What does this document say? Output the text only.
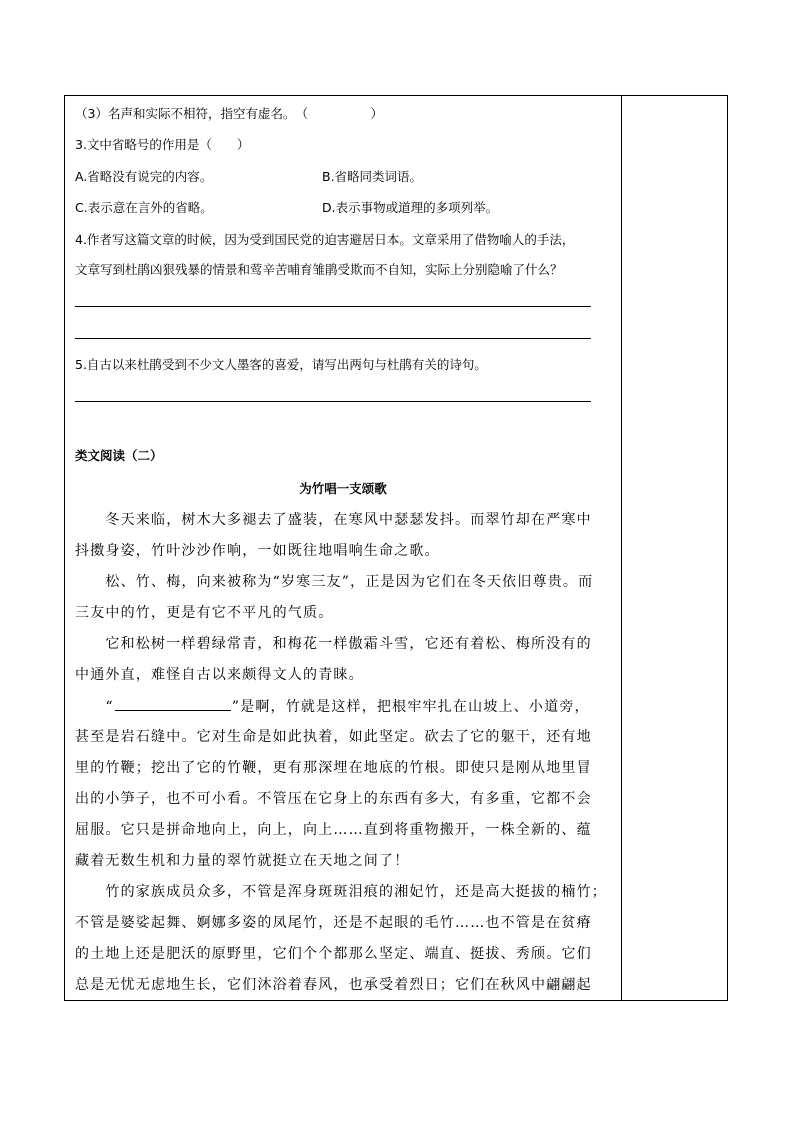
（3）名声和实际不相符，指空有虚名。　（　　　　　）
3.文中省略号的作用是（　　）
A.省略没有说完的内容。	B.省略同类词语。
C.表示意在言外的省略。	D.表示事物或道理的多项列举。
4.作者写这篇文章的时候，因为受到国民党的迫害避居日本。文章采用了借物喻人的手法，
文章写到杜鹃凶狠残暴的情景和莺辛苦哺育雏鹃受欺而不自知，实际上分别隐喻了什么？
5.自古以来杜鹃受到不少文人墨客的喜爱，请写出两句与杜鹃有关的诗句。
类文阅读（二）
为竹唱一支颂歌
　　冬天来临，树木大多褪去了盛装，在寒风中瑟瑟发抖。而翠竹却在严寒中
抖擞身姿，竹叶沙沙作响，一如既往地唱响生命之歌。
　　松、竹、梅，向来被称为“岁寒三友”，正是因为它们在冬天依旧尊贵。而
三友中的竹，更是有它不平凡的气质。
　　它和松树一样碧绿常青，和梅花一样傲霜斗雪，它还有着松、梅所没有的
中通外直，难怪自古以来颇得文人的青睐。
　　“	”是啊，竹就是这样，把根牢牢扎在山坡上、小道旁，
甚至是岩石缝中。它对生命是如此执着，如此坚定。砍去了它的躯干，还有地
里的竹鞭；挖出了它的竹鞭，更有那深埋在地底的竹根。即使只是刚从地里冒
出的小笋子，也不可小看。不管压在它身上的东西有多大，有多重，它都不会
屈服。它只是拼命地向上，向上，向上……直到将重物搬开，一株全新的、蕴
藏着无数生机和力量的翠竹就挺立在天地之间了！
　　竹的家族成员众多，不管是浑身斑斑泪痕的湘妃竹，还是高大挺拔的楠竹；
不管是婆娑起舞、婀娜多姿的凤尾竹，还是不起眼的毛竹……也不管是在贫瘠
的土地上还是肥沃的原野里，它们个个都那么坚定、端直、挺拔、秀颀。它们
总是无忧无虑地生长，它们沐浴着春风，也承受着烈日；它们在秋风中翩翩起
